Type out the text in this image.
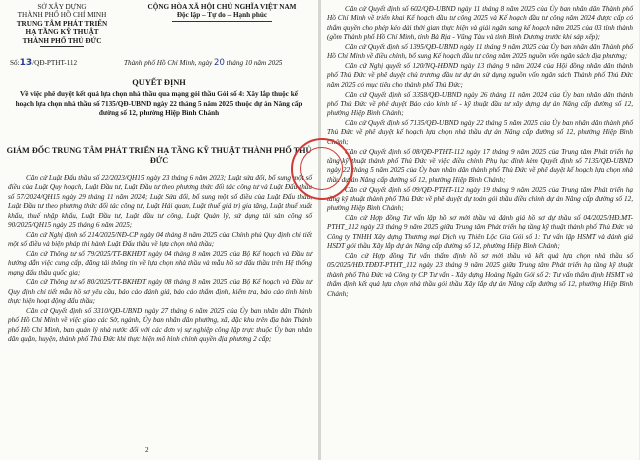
SỞ XÂY DỰNG
THÀNH PHỐ HỒ CHÍ MINH
TRUNG TÂM PHÁT TRIỂN
HẠ TẦNG KỸ THUẬT
THÀNH PHỐ THỦ ĐỨC
CỘNG HÒA XÃ HỘI CHỦ NGHĨA VIỆT NAM
Độc lập – Tự do – Hạnh phúc
Số:13/QĐ-PTHT-112	Thành phố Hồ Chí Minh, ngày 20 tháng 10 năm 2025
QUYẾT ĐỊNH
Về việc phê duyệt kết quả lựa chọn nhà thầu qua mạng gói thầu Gói số 4: Xây lắp thuộc kế hoạch lựa chọn nhà thầu số 7135/QĐ-UBND ngày 22 tháng 5 năm 2025 thuộc dự án Nâng cấp đường số 12, phường Hiệp Bình Chánh
GIÁM ĐỐC TRUNG TÂM PHÁT TRIỂN HẠ TẦNG KỸ THUẬT THÀNH PHỐ THỦ ĐỨC

Căn cứ Luật Đấu thầu số 22/2023/QH15 ngày 23 tháng 6 năm 2023; Luật sửa đổi, bổ sung một số điều của Luật Quy hoạch, Luật Đầu tư, Luật Đầu tư theo phương thức đối tác công tư và Luật Đấu thầu số 57/2024/QH15 ngày 29 tháng 11 năm 2024; Luật Sửa đổi, bổ sung một số điều của Luật Đấu thầu, Luật Đầu tư theo phương thức đối tác công tư, Luật Hải quan, Luật thuế giá trị gia tăng, Luật thuế xuất khẩu, thuế nhập khẩu, Luật Đầu tư, Luật đầu tư công, Luật Quản lý, sử dụng tài sản công số 90/2025/QH15 ngày 25 tháng 6 năm 2025;

Căn cứ Nghị định số 214/2025/NĐ-CP ngày 04 tháng 8 năm 2025 của Chính phủ Quy định chi tiết một số điều và biện pháp thi hành Luật Đấu thầu về lựa chọn nhà thầu;

Căn cứ Thông tư số 79/2025/TT-BKHĐT ngày 04 tháng 8 năm 2025 của Bộ Kế hoạch và Đầu tư hướng dẫn việc cung cấp, đăng tải thông tin về lựa chọn nhà thầu và mẫu hồ sơ đấu thầu trên Hệ thống mạng đấu thầu quốc gia;

Căn cứ Thông tư số 80/2025/TT-BKHĐT ngày 08 tháng 8 năm 2025 của Bộ Kế hoạch và Đầu tư Quy định chi tiết mẫu hồ sơ yêu cầu, báo cáo đánh giá, báo cáo thẩm định, kiểm tra, báo cáo tình hình thực hiện hoạt động đấu thầu;

Căn cứ Quyết định số 3310/QĐ-UBND ngày 27 tháng 6 năm 2025 của Ủy ban nhân dân Thành phố Hồ Chí Minh về việc giao các Sở, ngành, Ủy ban nhân dân phường, xã, đặc khu trên địa bàn Thành phố Hồ Chí Minh, ban quản lý nhà nước đối với các đơn vị sự nghiệp công lập trực thuộc Ủy ban nhân dân quận, huyện, thành phố Thủ Đức khi thực hiện mô hình chính quyền địa phương 2 cấp;

2

Căn cứ Quyết định số 602/QĐ-UBND ngày 11 tháng 8 năm 2025 của Ủy ban nhân dân Thành phố Hồ Chí Minh về triển khai Kế hoạch đầu tư công 2025 và Kế hoạch đầu tư công năm 2024 được cấp có thẩm quyền cho phép kéo dài thời gian thực hiện và giải ngân sang kế hoạch năm 2025 của 03 tỉnh thành (gồm Thành phố Hồ Chí Minh, tỉnh Bà Rịa - Vũng Tàu và tỉnh Bình Dương trước khi sáp xếp);

Căn cứ Quyết định số 1395/QĐ-UBND ngày 11 tháng 9 năm 2025 của Ủy ban nhân dân Thành phố Hồ Chí Minh về điều chỉnh, bổ sung Kế hoạch đầu tư công năm 2025 nguồn vốn ngân sách địa phương;

Căn cứ Nghị quyết số 120/NQ-HĐND ngày 13 tháng 9 năm 2024 của Hội đồng nhân dân thành phố Thủ Đức về phê duyệt chủ trương đầu tư dự án sử dụng nguồn vốn ngân sách Thành phố Thủ Đức năm 2025 có mục tiêu cho thành phố Thủ Đức;

Căn cứ Quyết định số 3358/QĐ-UBND ngày 26 tháng 11 năm 2024 của Ủy ban nhân dân thành phố Thủ Đức về phê duyệt Báo cáo kinh tế - kỹ thuật đầu tư xây dựng dự án Nâng cấp đường số 12, phường Hiệp Bình Chánh;

Căn cứ Quyết định số 7135/QĐ-UBND ngày 22 tháng 5 năm 2025 của Ủy ban nhân dân thành phố Thủ Đức về phê duyệt kế hoạch lựa chọn nhà thầu dự án Nâng cấp đường số 12, phường Hiệp Bình Chánh;

Căn cứ Quyết định số 08/QĐ-PTHT-112 ngày 17 tháng 9 năm 2025 của Trung tâm Phát triển hạ tầng kỹ thuật thành phố Thủ Đức về việc điều chỉnh Phụ lục đính kèm Quyết định số 7135/QĐ-UBND ngày 22 tháng 5 năm 2025 của Ủy ban nhân dân thành phố Thủ Đức về phê duyệt kế hoạch lựa chọn nhà thầu dự án Nâng cấp đường số 12, phường Hiệp Bình Chánh;

Căn cứ Quyết định số 09/QĐ-PTHT-112 ngày 19 tháng 9 năm 2025 của Trung tâm Phát triển hạ tầng kỹ thuật thành phố Thủ Đức về phê duyệt dự toán gói thầu điều chỉnh dự án Nâng cấp đường số 12, phường Hiệp Bình Chánh;

Căn cứ Hợp đồng Tư vấn lập hồ sơ mời thầu và đánh giá hồ sơ dự thầu số 04/2025/HĐ.MT-PTHT_112 ngày 23 tháng 9 năm 2025 giữa Trung tâm Phát triển hạ tầng kỹ thuật thành phố Thủ Đức và Công ty TNHH Xây dựng Thương mại Dịch vụ Thiên Lộc Gia Gói số 1: Tư vấn lập HSMT và đánh giá HSDT gói thầu Xây lắp dự án Nâng cấp đường số 12, phường Hiệp Bình Chánh;

Căn cứ Hợp đồng Tư vấn thẩm định hồ sơ mời thầu và kết quả lựa chọn nhà thầu số 05/2025/HĐ.TĐĐT-PTHT_112 ngày 23 tháng 9 năm 2025 giữa Trung tâm Phát triển hạ tầng kỹ thuật thành phố Thủ Đức và Công ty CP Tư vấn - Xây dựng Hoàng Ngân Gói số 2: Tư vấn thẩm định HSMT và thẩm định kết quả lựa chọn nhà thầu gói thầu Xây lắp dự án Nâng cấp đường số 12, phường Hiệp Bình Chánh;
